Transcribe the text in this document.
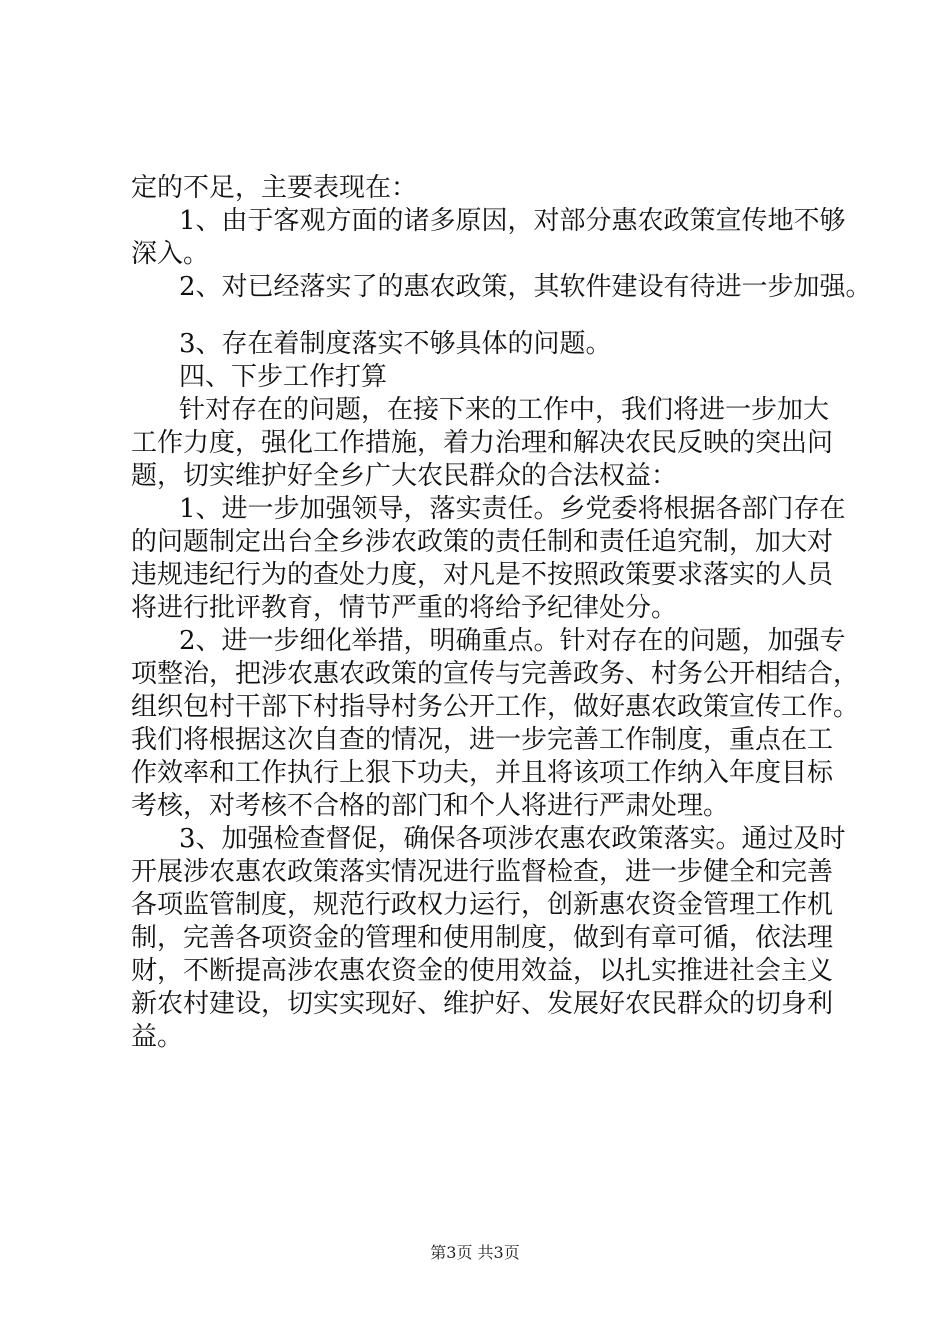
定的不足，主要表现在：
1、由于客观方面的诸多原因，对部分惠农政策宣传地不够
深入。
2、对已经落实了的惠农政策，其软件建设有待进一步加强。
3、存在着制度落实不够具体的问题。
四、下步工作打算
针对存在的问题，在接下来的工作中，我们将进一步加大
工作力度，强化工作措施，着力治理和解决农民反映的突出问
题，切实维护好全乡广大农民群众的合法权益：
1、进一步加强领导，落实责任。乡党委将根据各部门存在
的问题制定出台全乡涉农政策的责任制和责任追究制，加大对
违规违纪行为的查处力度，对凡是不按照政策要求落实的人员
将进行批评教育，情节严重的将给予纪律处分。
2、进一步细化举措，明确重点。针对存在的问题，加强专
项整治，把涉农惠农政策的宣传与完善政务、村务公开相结合，
组织包村干部下村指导村务公开工作，做好惠农政策宣传工作。
我们将根据这次自查的情况，进一步完善工作制度，重点在工
作效率和工作执行上狠下功夫，并且将该项工作纳入年度目标
考核，对考核不合格的部门和个人将进行严肃处理。
3、加强检查督促，确保各项涉农惠农政策落实。通过及时
开展涉农惠农政策落实情况进行监督检查，进一步健全和完善
各项监管制度，规范行政权力运行，创新惠农资金管理工作机
制，完善各项资金的管理和使用制度，做到有章可循，依法理
财，不断提高涉农惠农资金的使用效益，以扎实推进社会主义
新农村建设，切实实现好、维护好、发展好农民群众的切身利
益。
第3页 共3页
